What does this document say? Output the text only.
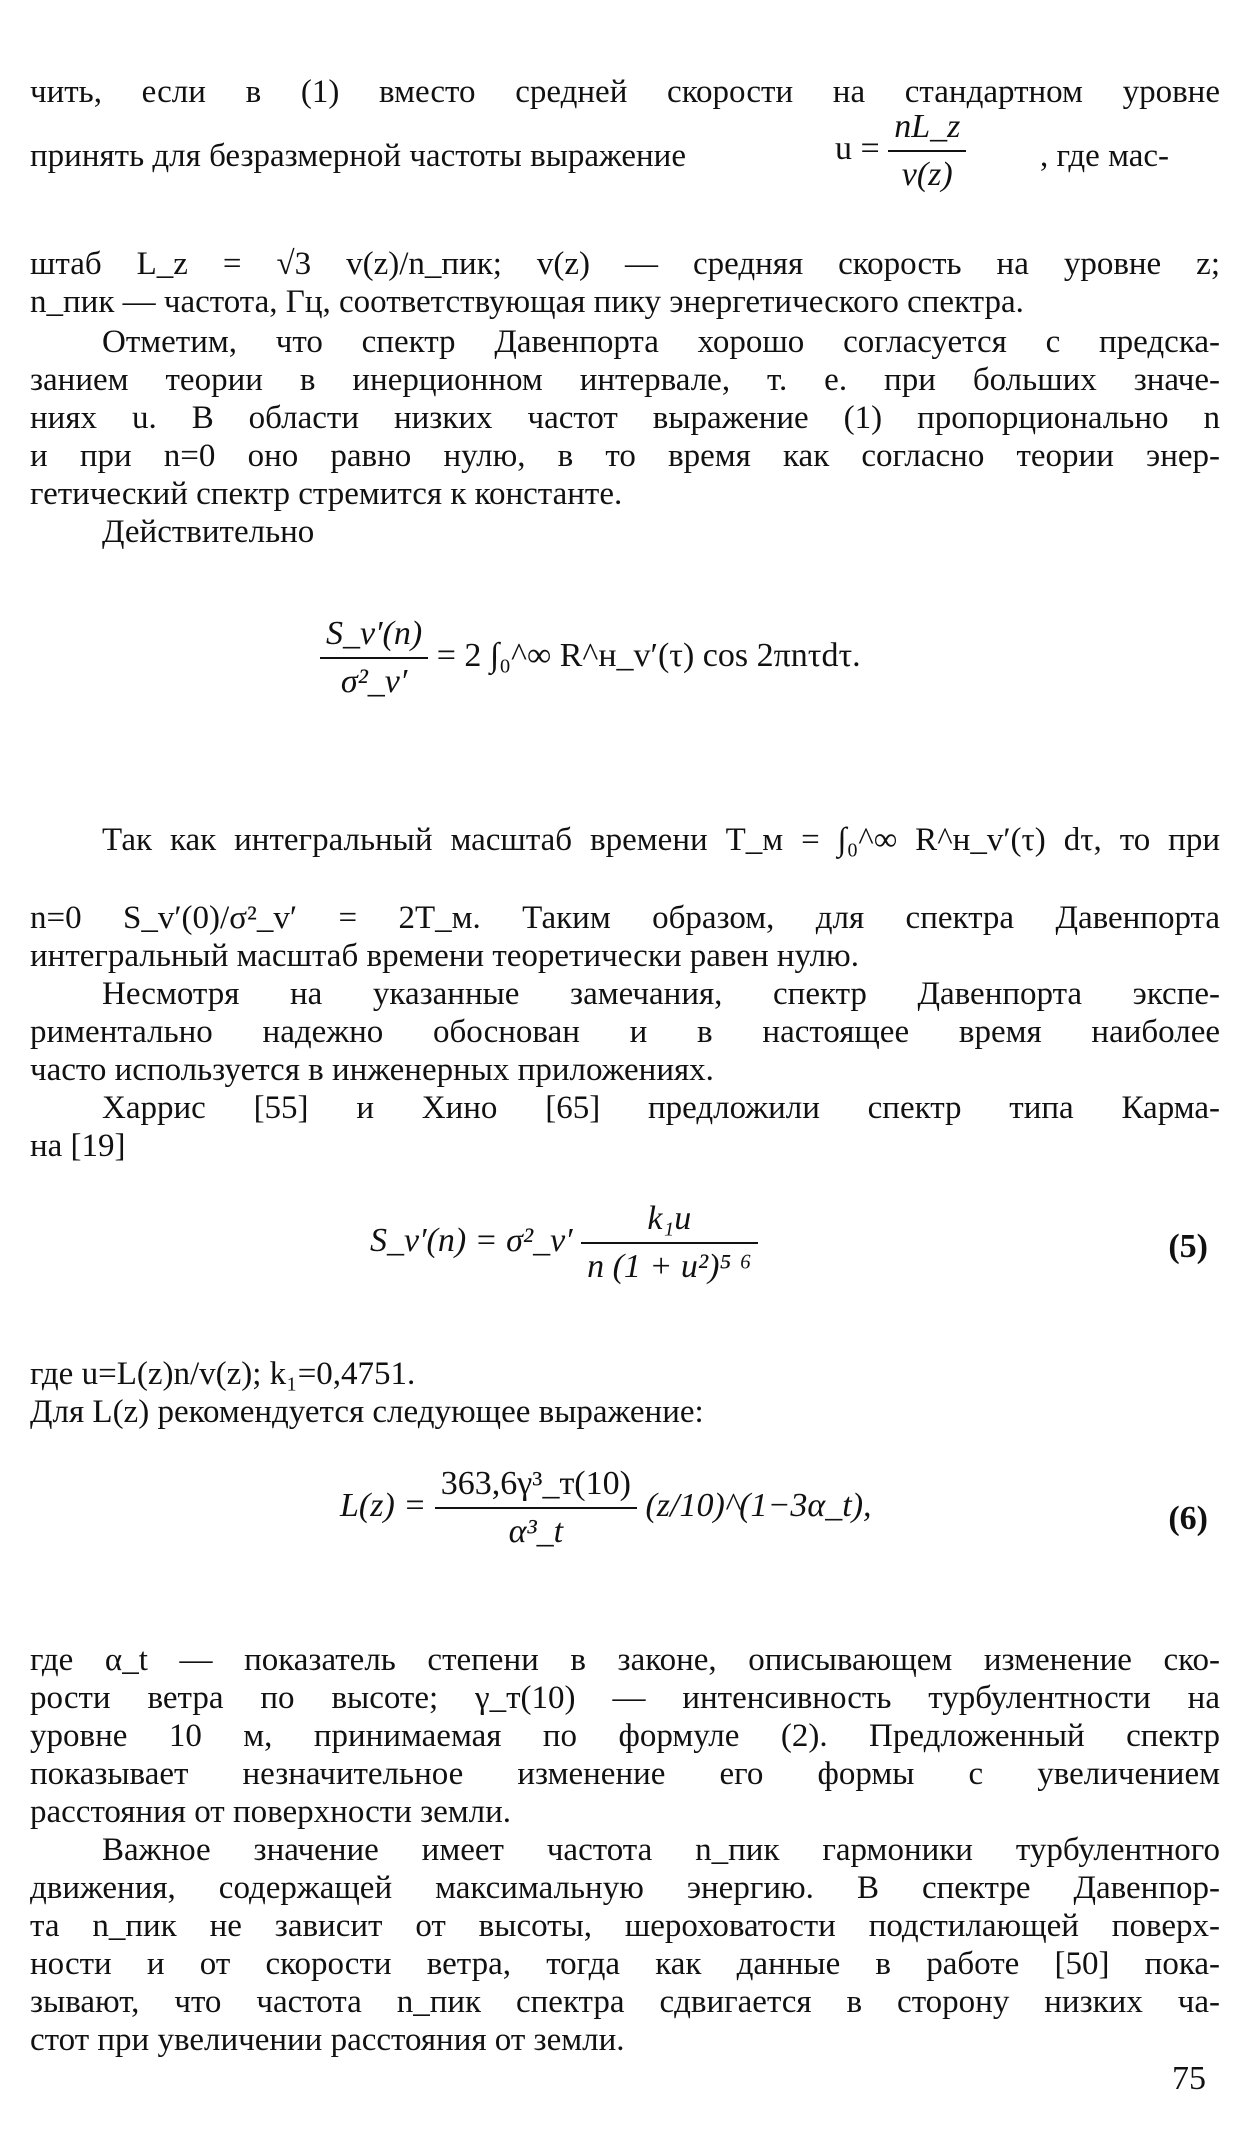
чить, если в (1) вместо средней скорости на стандартном уровне
принять для безразмерной частоты выражение	$u = \frac{nL\_z}{v(z)}$ , где мас-
штаб L_z = √3 v(z)/n_пик; v(z) — средняя скорость на уровне z;
n_пик — частота, Гц, соответствующая пику энергетического спектра.
Отметим, что спектр Давенпорта хорошо согласуется с предска-
занием теории в инерционном интервале, т. е. при больших значе-
ниях u. В области низких частот выражение (1) пропорционально n
и при n=0 оно равно нулю, в то время как согласно теории энер-
гетический спектр стремится к константе.
Действительно
$\frac{S\_v'(n)}{\text{σ²\_v′}} = 2$ ∫₀^∞ R^н_v′(τ) cos 2πnτdτ.
Так как интегральный масштаб времени T_м = ∫₀^∞ R^н_v′(τ) dτ, то при
n=0 S_v′(0)/σ²_v′ = 2T_м. Таким образом, для спектра Давенпорта
интегральный масштаб времени теоретически равен нулю.
Несмотря на указанные замечания, спектр Давенпорта экспе-
риментально надежно обоснован и в настоящее время наиболее
часто используется в инженерных приложениях.
Харрис [55] и Хино [65] предложили спектр типа Карма-
на [19]
S_v′(n) = σ²_v′ $\frac{\text{k₁u}}{\text{n (1 + u²)⁵ ⁶}}$	(5)
где u=L(z)n/v(z); k₁=0,4751.
Для L(z) рекомендуется следующее выражение:
$L(z) = \frac{\text{363,6γ³\_т(10)}}{\text{α³\_t}}$ (z/10)^(1−3α_t),	(6)
где α_t — показатель степени в законе, описывающем изменение ско-
рости ветра по высоте; γ_т(10) — интенсивность турбулентности на
уровне 10 м, принимаемая по формуле (2). Предложенный спектр
показывает незначительное изменение его формы с увеличением
расстояния от поверхности земли.
Важное значение имеет частота n_пик гармоники турбулентного
движения, содержащей максимальную энергию. В спектре Давенпор-
та n_пик не зависит от высоты, шероховатости подстилающей поверх-
ности и от скорости ветра, тогда как данные в работе [50] пока-
зывают, что частота n_пик спектра сдвигается в сторону низких ча-
стот при увеличении расстояния от земли.
75
